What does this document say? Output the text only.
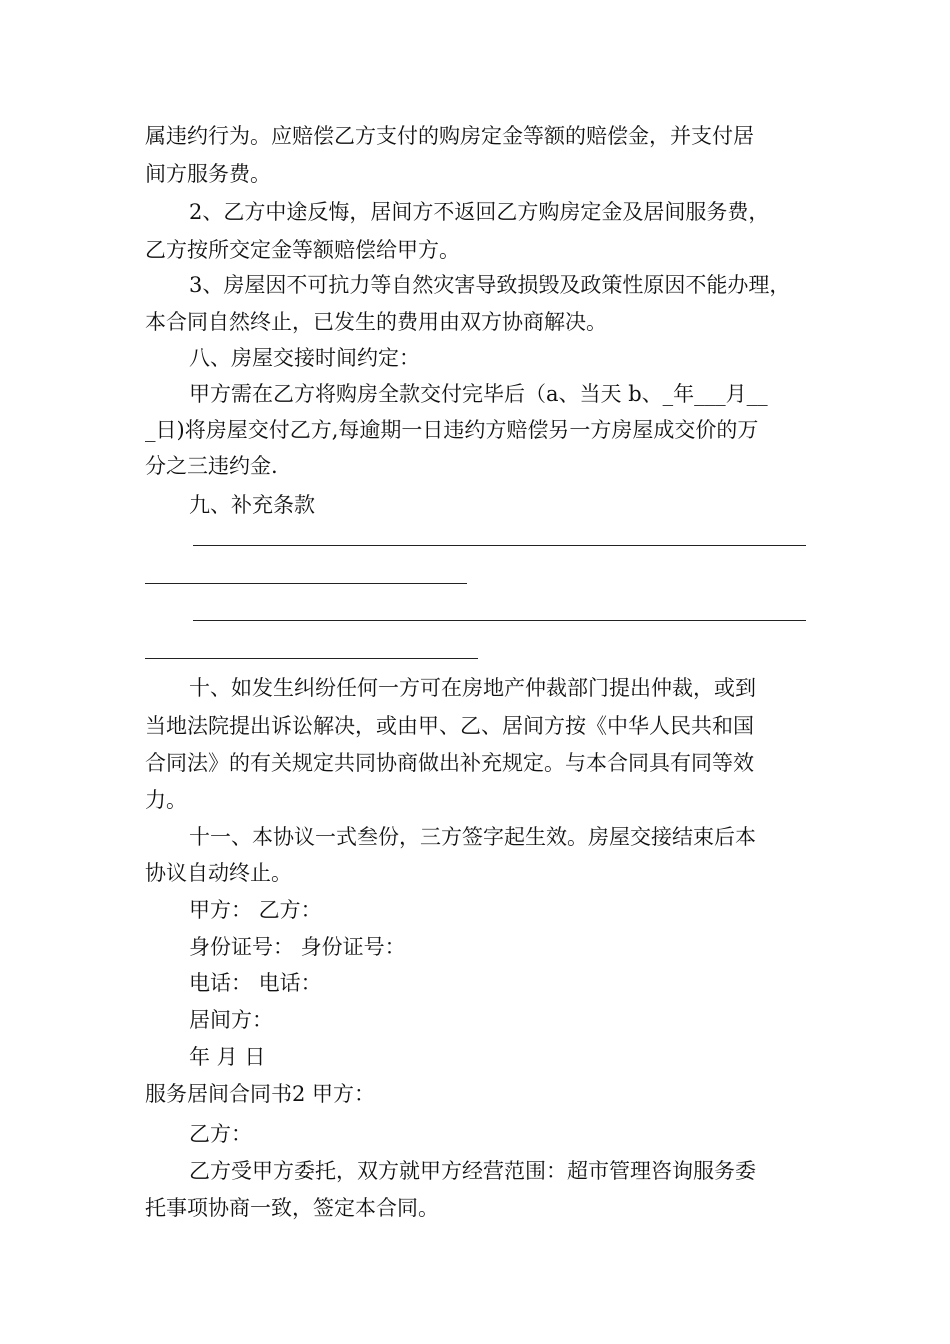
属违约行为。应赔偿乙方支付的购房定金等额的赔偿金，并支付居
间方服务费。
2、乙方中途反悔，居间方不返回乙方购房定金及居间服务费，
乙方按所交定金等额赔偿给甲方。
3、房屋因不可抗力等自然灾害导致损毁及政策性原因不能办理，
本合同自然终止，已发生的费用由双方协商解决。
八、房屋交接时间约定：
甲方需在乙方将购房全款交付完毕后（a、当天 b、_年___月__
_日)将房屋交付乙方,每逾期一日违约方赔偿另一方房屋成交价的万
分之三违约金.
九、补充条款
十、如发生纠纷任何一方可在房地产仲裁部门提出仲裁，或到
当地法院提出诉讼解决，或由甲、乙、居间方按《中华人民共和国
合同法》的有关规定共同协商做出补充规定。与本合同具有同等效
力。
十一、本协议一式叁份，三方签字起生效。房屋交接结束后本
协议自动终止。
甲方： 乙方：
身份证号： 身份证号：
电话： 电话：
居间方：
年 月 日
服务居间合同书2 甲方：
乙方：
乙方受甲方委托，双方就甲方经营范围：超市管理咨询服务委
托事项协商一致，签定本合同。
